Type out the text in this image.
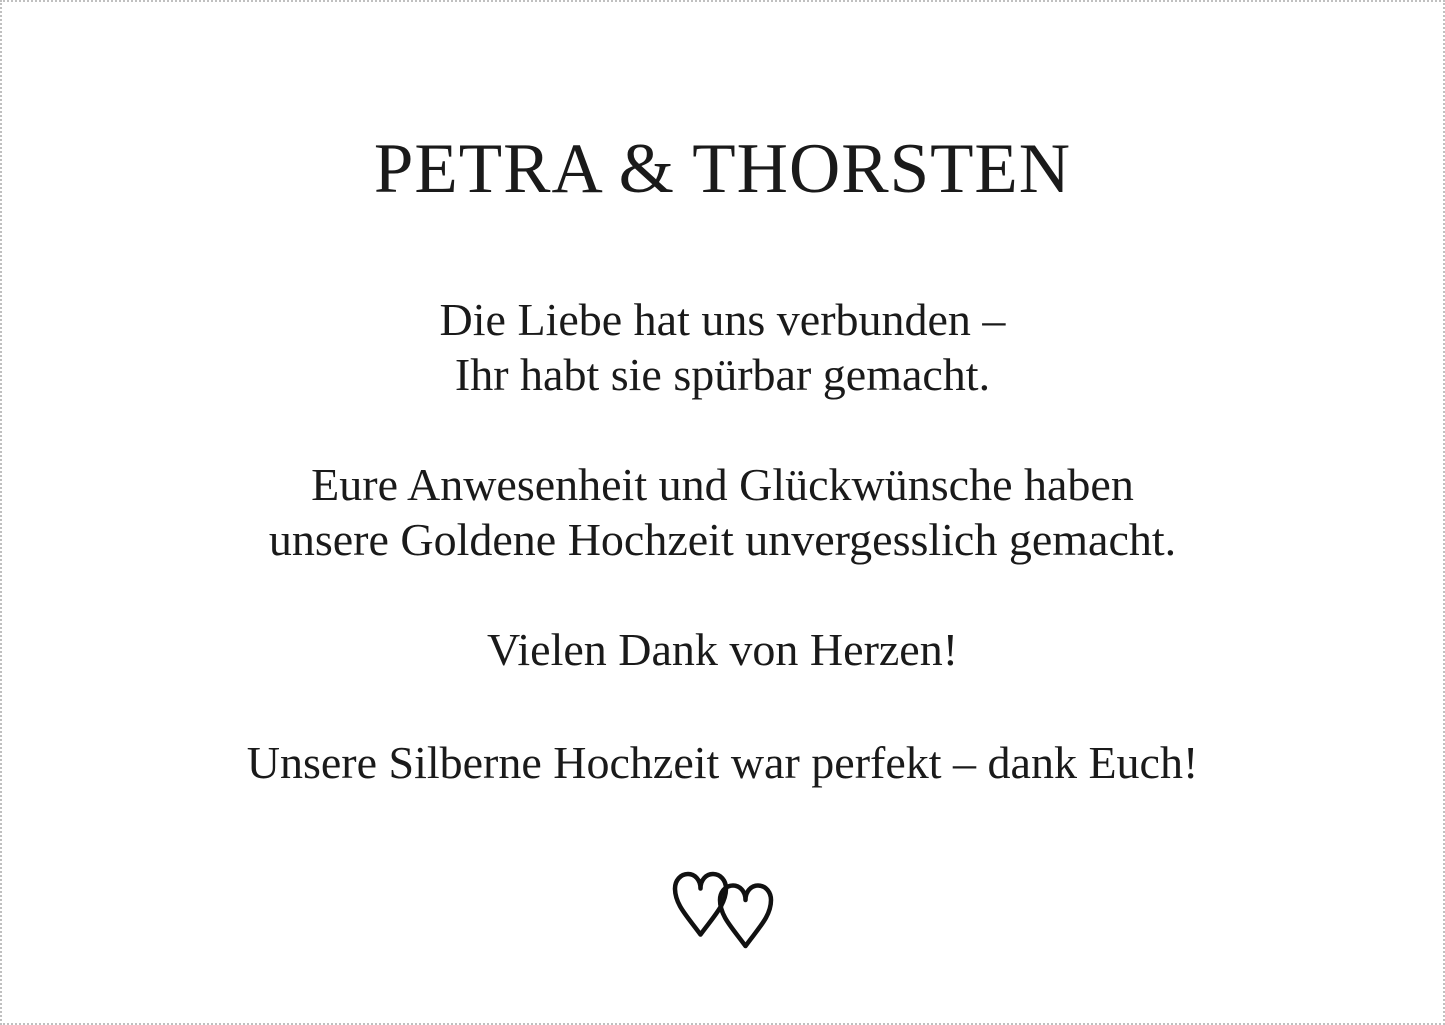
PETRA & THORSTEN

Die Liebe hat uns verbunden –
Ihr habt sie spürbar gemacht.

Eure Anwesenheit und Glückwünsche haben
unsere Goldene Hochzeit unvergesslich gemacht.

Vielen Dank von Herzen!

Unsere Silberne Hochzeit war perfekt – dank Euch!
